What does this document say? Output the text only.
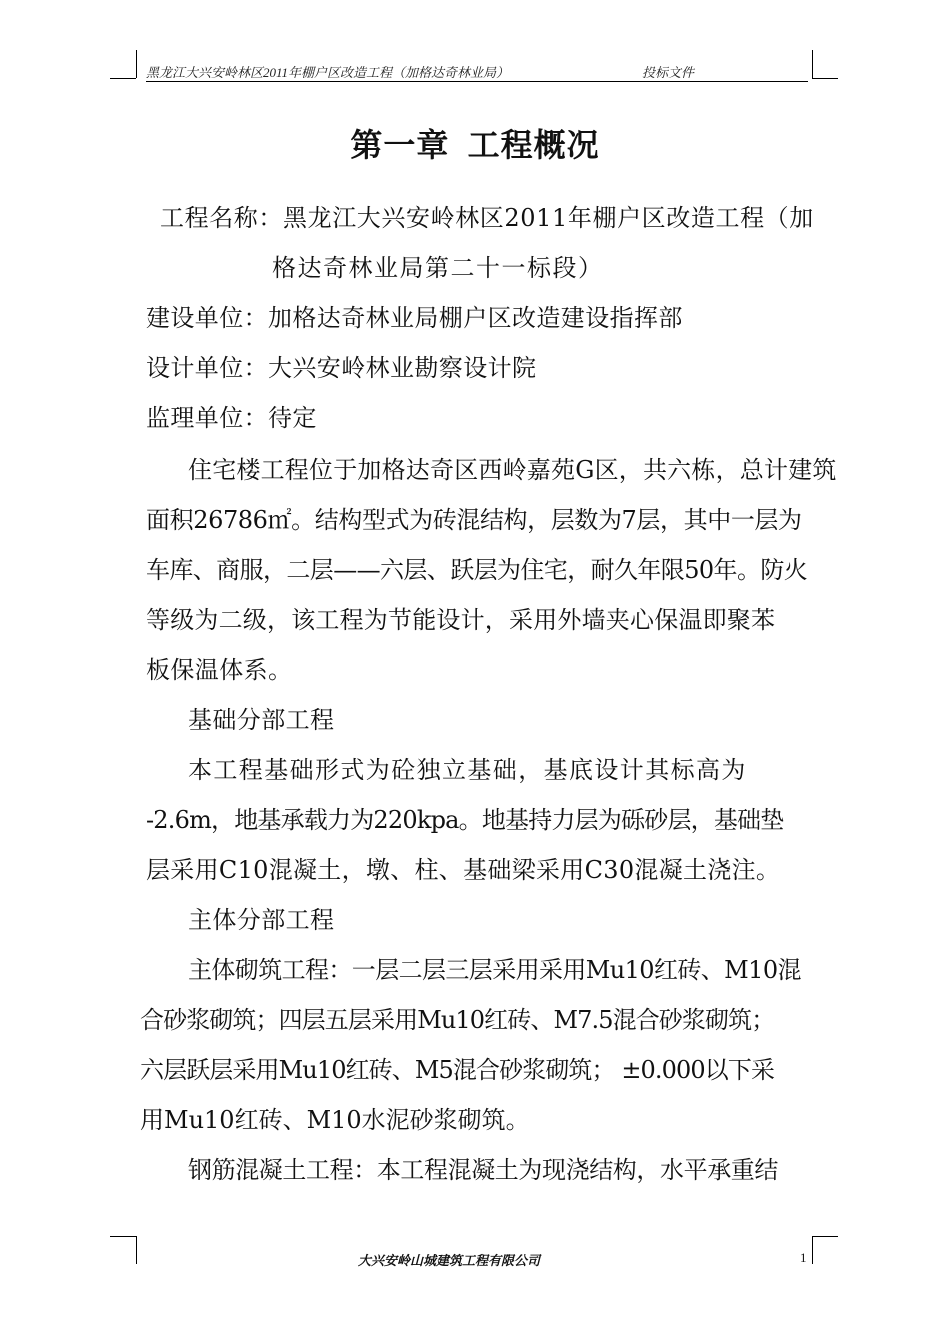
黑龙江大兴安岭林区2011年棚户区改造工程（加格达奇林业局）	投标文件
第一章 工程概况
工程名称：黑龙江大兴安岭林区2011年棚户区改造工程（加
格达奇林业局第二十一标段）
建设单位：加格达奇林业局棚户区改造建设指挥部
设计单位：大兴安岭林业勘察设计院
监理单位：待定
住宅楼工程位于加格达奇区西岭嘉苑G区，共六栋，总计建筑
面积26786㎡。结构型式为砖混结构，层数为7层，其中一层为
车库、商服，二层——六层、跃层为住宅，耐久年限50年。防火
等级为二级，该工程为节能设计，采用外墙夹心保温即聚苯
板保温体系。
基础分部工程
本工程基础形式为砼独立基础，基底设计其标高为
-2.6m，地基承载力为220kpa。地基持力层为砾砂层，基础垫
层采用C10混凝土，墩、柱、基础梁采用C30混凝土浇注。
主体分部工程
主体砌筑工程：一层二层三层采用采用Mu10红砖、M10混
合砂浆砌筑；四层五层采用Mu10红砖、M7.5混合砂浆砌筑；
六层跃层采用Mu10红砖、M5混合砂浆砌筑； ±0.000以下采
用Mu10红砖、M10水泥砂浆砌筑。
钢筋混凝土工程：本工程混凝土为现浇结构，水平承重结
大兴安岭山城建筑工程有限公司	1
